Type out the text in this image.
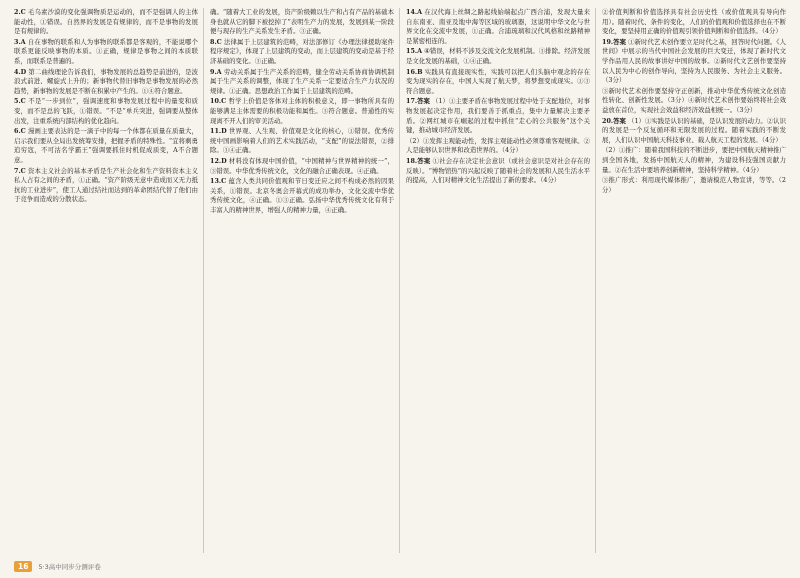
2.C 毛乌素沙漠的变化强调物质是运动的，而不是强调人的主体能动性，①错误。自然界的发展是有规律的，而不是事物的发展是有规律的。

3.A 自在事物的联系和人为事物的联系都是客观的，不能说哪个联系更能反映事物的本质。①正确，规律是事物之间的本质联系，而联系是普遍的。

4.D 第二曲线理论告诉我们，事物发展的总趋势是前进的，是波浪式前进、螺旋式上升的；新事物代替旧事物是事物发展的必然趋势，新事物的发展是不断在积累中产生的。①④符合题意。

5.C 不是“一步到位”，强调速度和事物发展过程中的量变和质变，而不是总的飞跃，①错误。“不是”单兵突进，强调要从整体出发，注重系统内部结构的优化趋向。

6.C 漫画主要表达的是一滴子中的每一个体都在质量在质量大，启示我们要从全局出发统筹安排，把握矛盾的特殊性。“宜将剩勇追穷寇，不可沽名学霸王”强调要抓住时机促成质变，A不合题意。

7.C 资本主义社会的基本矛盾是生产社会化和生产资料资本主义私人占有之间的矛盾，①正确。“资产阶级无意中造成而又无力抵抗的工业进步”，使工人通过结社而达到的革命团结代替了他们由于竞争而造成的分散状态。

确。“随着大工业的发展，资产阶级赖以生产和占有产品的基础本身也就从它的脚下被挖掉了”表明生产力的发展，发展到某一阶段便与现存的生产关系发生矛盾。③正确。

8.C 法律属于上层建筑的范畴，对法部修订《办理法律援助案件程序规定》，体现了上层建筑的变动，而上层建筑的变动是基于经济基础的变化。③正确。

9.A 劳动关系属于生产关系的范畴，健全劳动关系协商协调机制属于生产关系的调整，体现了生产关系一定要适合生产力状况的规律。①正确。思想政治工作属于上层建筑的范畴。

10.C 哲学上价值是客体对主体的积极意义，即一事物所具有的能够满足主体需要的积极功能和属性。③符合题意。普通性的实现离不开人们的审美活动。

11.D 世界观、人生观、价值观是文化的核心，①错误。优秀传统中国画影响着人们的艺术实践活动，“支配”的说法错误，②排除。③④正确。

12.D 材料没有体现中国价值，“中国精神与世界精神的统一”，③错误。中华优秀传统文化，文化的融合正确表现。④正确。

13.C 蕴含人类共同价值观和节日变迁应之间不构成必然的因果关系，①错误。北京冬奥会开幕式的成功举办，文化交流中华优秀传统文化，④正确。①③正确。弘扬中华优秀传统文化有利于丰富人的精神世界，增强人的精神力量，④正确。

14.A 在汉代海上丝绸之路起线始端起点广西合浦，发现大量来自东南亚、南亚及地中海等区域的玻璃器，这说明中华文化与世界文化在交流中发展，①正确。合浦琉璃和汉代风格和丝路精神是紧密相连的。

15.A ④错误，材料不涉及交流文化发展机制。③排除。经济发展是文化发展的基础，①④正确。

16.B 实践具有直接现实性，实践可以把人们头脑中观念的存在变为现实的存在，中国人实现了航天梦，将梦想变成现实。①③符合题意。

17.答案 （1）①主要矛盾在事物发展过程中处于支配地位，对事物发展起决定作用，我们要善于抓重点，集中力量解决主要矛盾。②网红城市在崛起的过程中抓住“走心的公共服务”这个关键，推动城市经济发展。

（2）①发挥主观能动性，发挥主观能动性必须尊重客观规律。②人是能够认识世界和改造世界的。（4分）

18.答案 ①社会存在决定社会意识（或社会意识是对社会存在的反映）。“博物馆热”的兴起反映了随着社会的发展和人民生活水平的提高，人们对精神文化生活提出了新的要求。（4分）

②价值判断和价值选择具有社会历史性（或价值观具有导向作用）。随着时代、条件的变化，人们的价值观和价值选择也在不断变化，要坚持用正确的价值观引领价值判断和价值选择。（4分）

19.答案 ①新时代艺术创作要立足时代之基，回答时代问题。《人世间》中展示的当代中国社会发展的巨大变迁，体现了新时代文学作品用人民的故事讲好中国的故事。②新时代文艺创作要坚持以人民为中心的创作导向，坚持为人民服务、为社会主义服务。（3分）

③新时代艺术创作要坚持守正创新，推动中华优秀传统文化创造性转化、创新性发展。（3分）④新时代艺术创作要始终将社会效益放在首位，实现社会效益和经济效益相统一。（3分）

20.答案 （1）①实践是认识的基础，是认识发展的动力。②认识的发展是一个反复循环和无限发展的过程。随着实践的不断发展，人们认识中国航天科技事业、载人航天工程的发展。（4分）

（2）①推广：随着我国科技的不断进步，要把中国航天精神推广到全国各地，发扬中国航天人的精神，为建设科技强国贡献力量。②在生活中要培养创新精神，坚持科学精神。（4分）

③推广形式：利用现代媒体推广，邀请模范人物宣讲，等等。（2分）

16	5·3高中同步分测评卷
